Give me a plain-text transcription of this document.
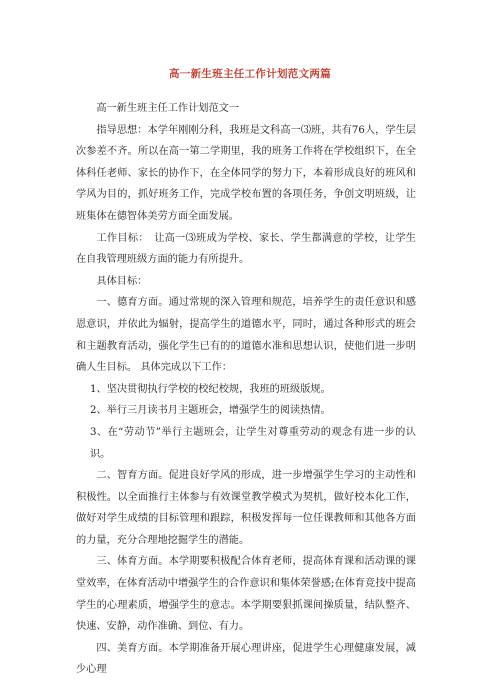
高一新生班主任工作计划范文两篇

高一新生班主任工作计划范文一

指导思想：本学年刚刚分科，我班是文科高一⑶班，共有76人，学生层次参差不齐。所以在高一第二学期里，我的班务工作将在学校组织下，在全体科任老师、家长的协作下，在全体同学的努力下，本着形成良好的班风和学风为目的，抓好班务工作，完成学校布置的各项任务，争创文明班级，让班集体在德智体美劳方面全面发展。

工作目标：　让高一⑶班成为学校、家长、学生都满意的学校，让学生在自我管理班级方面的能力有所提升。

具体目标：

一、德育方面。通过常规的深入管理和规范，培养学生的责任意识和感恩意识，并依此为辐射，提高学生的道德水平，同时，通过各种形式的班会和主题教育活动，强化学生已有的的道德水准和思想认识，使他们进一步明确人生目标。 具体完成以下工作：

1、坚决贯彻执行学校的校纪校规，我班的班级版规。

2、举行三月读书月主题班会，增强学生的阅读热情。

3、在“劳动节”举行主题班会，让学生对尊重劳动的观念有进一步的认识。

二、智育方面。促进良好学风的形成，进一步增强学生学习的主动性和积极性。以全面推行主体参与有效课堂教学模式为契机，做好校本化工作，做好对学生成绩的目标管理和跟踪，积极发挥每一位任课教师和其他各方面的力量，充分合理地挖掘学生的潜能。

三、体育方面。本学期要积极配合体育老师，提高体育课和活动课的课堂效率，在体育活动中增强学生的合作意识和集体荣誉感;在体育竞技中提高学生的心理素质，增强学生的意志。本学期要狠抓课间操质量，结队整齐、快速、安静，动作准确、到位、有力。

四、美育方面。本学期准备开展心理讲座，促进学生心理健康发展，减少心理
